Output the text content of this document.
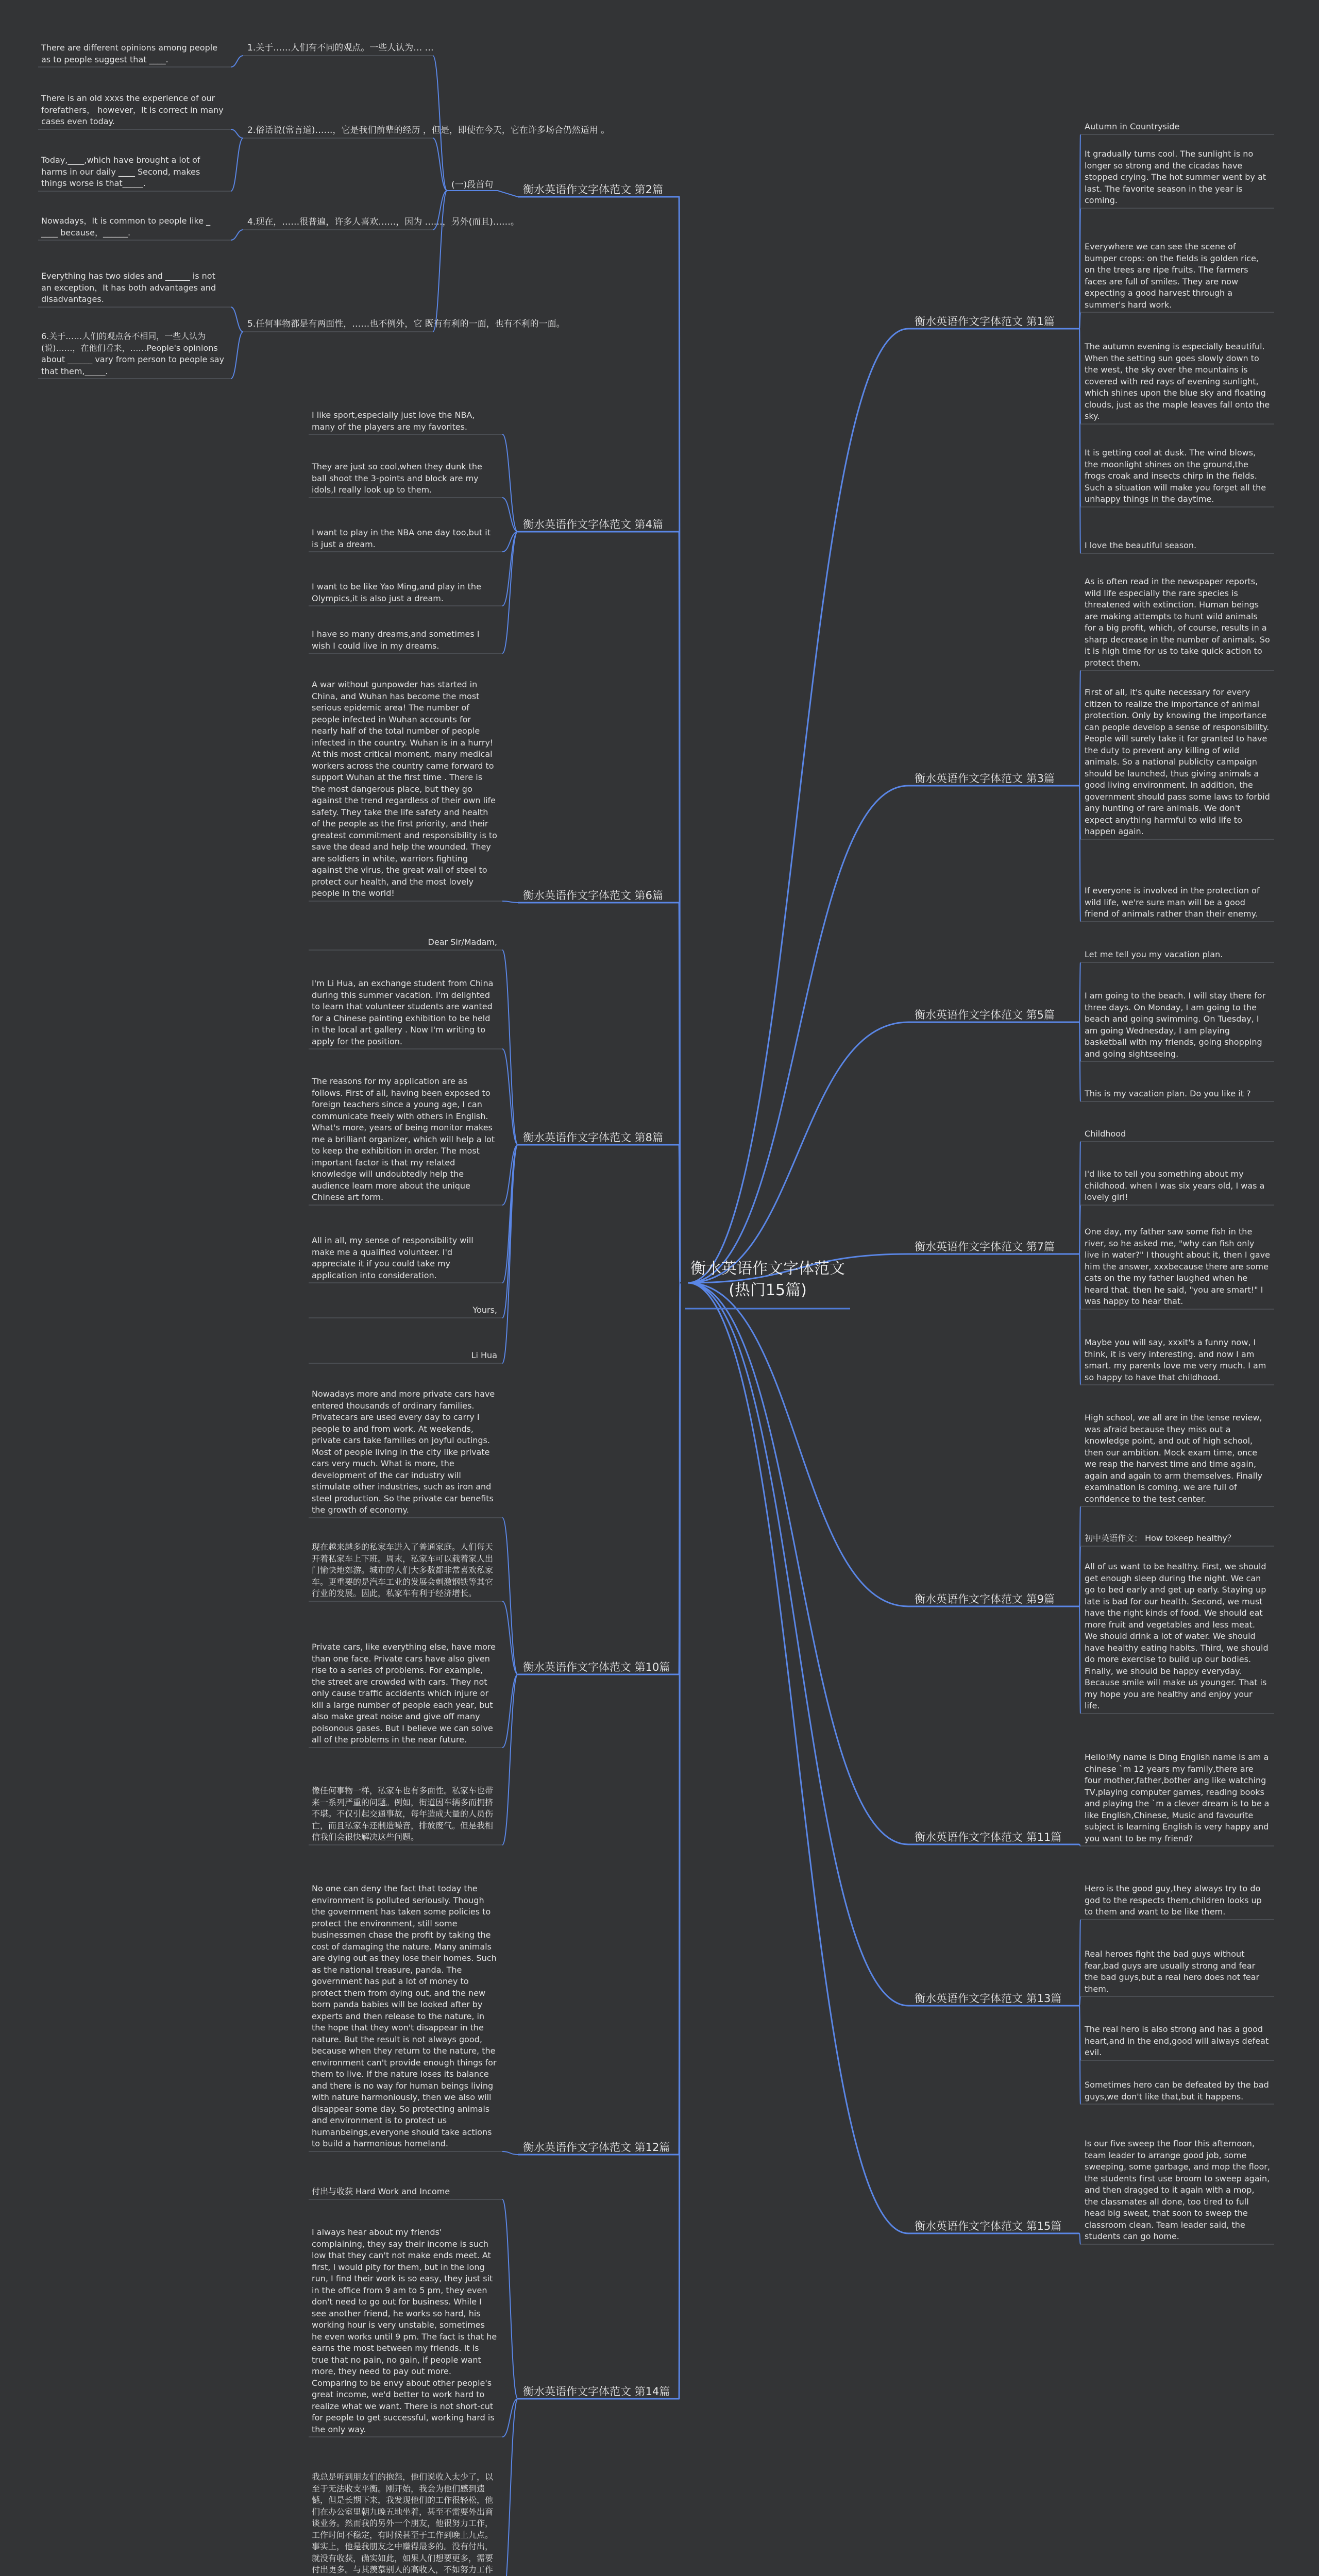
衡水英语作文字体范文(热门15篇)
衡水英语作文字体范文 第1篇
Autumn in Countryside
It gradually turns cool. The sunlight is no longer so strong and the cicadas have stopped crying. The hot summer went by at last. The favorite season in the year is coming.
Everywhere we can see the scene of bumper crops: on the fields is golden rice, on the trees are ripe fruits. The farmers faces are full of smiles. They are now expecting a good harvest through a summer's hard work.
The autumn evening is especially beautiful. When the setting sun goes slowly down to the west, the sky over the mountains is covered with red rays of evening sunlight, which shines upon the blue sky and floating clouds, just as the maple leaves fall onto the sky.
It is getting cool at dusk. The wind blows, the moonlight shines on the ground,the frogs croak and insects chirp in the fields. Such a situation will make you forget all the unhappy things in the daytime.
I love the beautiful season.
衡水英语作文字体范文 第3篇
As is often read in the newspaper reports, wild life especially the rare species is threatened with extinction. Human beings are making attempts to hunt wild animals for a big profit, which, of course, results in a sharp decrease in the number of animals. So it is high time for us to take quick action to protect them.
First of all, it's quite necessary for every citizen to realize the importance of animal protection. Only by knowing the importance can people develop a sense of responsibility. People will surely take it for granted to have the duty to prevent any killing of wild animals. So a national publicity campaign should be launched, thus giving animals a good living environment. In addition, the government should pass some laws to forbid any hunting of rare animals. We don't expect anything harmful to wild life to happen again.
If everyone is involved in the protection of wild life, we're sure man will be a good friend of animals rather than their enemy.
衡水英语作文字体范文 第5篇
Let me tell you my vacation plan.
I am going to the beach. I will stay there for three days. On Monday, I am going to the beach and going swimming. On Tuesday, I am going Wednesday, I am playing basketball with my friends, going shopping and going sightseeing.
This is my vacation plan. Do you like it ?
衡水英语作文字体范文 第7篇
Childhood
I'd like to tell you something about my childhood. when I was six years old, I was a lovely girl!
One day, my father saw some fish in the river, so he asked me, "why can fish only live in water?" I thought about it, then I gave him the answer, xxxbecause there are some cats on the my father laughed when he heard that. then he said, "you are smart!" I was happy to hear that.
Maybe you will say, xxxit's a funny now, I think, it is very interesting. and now I am smart. my parents love me very much. I am so happy to have that childhood.
衡水英语作文字体范文 第9篇
High school, we all are in the tense review, was afraid because they miss out a knowledge point, and out of high school, then our ambition. Mock exam time, once we reap the harvest time and time again, again and again to arm themselves. Finally examination is coming, we are full of confidence to the test center.
初中英语作文： How tokeep healthy？
All of us want to be healthy. First, we should get enough sleep during the night. We can go to bed early and get up early. Staying up late is bad for our health. Second, we must have the right kinds of food. We should eat more fruit and vegetables and less meat. We should drink a lot of water. We should have healthy eating habits. Third, we should do more exercise to build up our bodies. Finally, we should be happy everyday. Because smile will make us younger. That is my hope you are healthy and enjoy your life.
衡水英语作文字体范文 第11篇
Hello!My name is Ding English name is am a chinese `m 12 years my family,there are four mother,father,bother ang like watching TV,playing computer games, reading books and playing the `m a clever dream is to be a like English,Chinese, Music and favourite subject is learning English is very happy and you want to be my friend?
衡水英语作文字体范文 第13篇
Hero is the good guy,they always try to do god to the respects them,children looks up to them and want to be like them.
Real heroes fight the bad guys without fear,bad guys are usually strong and fear the bad guys,but a real hero does not fear them.
The real hero is also strong and has a good heart,and in the end,good will always defeat evil.
Sometimes hero can be defeated by the bad guys,we don't like that,but it happens.
衡水英语作文字体范文 第15篇
Is our five sweep the floor this afternoon, team leader to arrange good job, some sweeping, some garbage, and mop the floor, the students first use broom to sweep again, and then dragged to it again with a mop, the classmates all done, too tired to full head big sweat, that soon to sweep the classroom clean. Team leader said, the students can go home.
衡水英语作文字体范文 第2篇
(一)段首句
1.关于……人们有不同的观点。一些人认为… …
There are different opinions among people as to people suggest that ____.
2.俗话说(常言道)……，它是我们前辈的经历 ，但是，即使在今天，它在许多场合仍然适用 。
There is an old xxxs the experience of our forefathers， however，It is correct in many cases even today.
Today,____,which have brought a lot of harms in our daily ____ Second, makes things worse is that_____.
4.现在，……很普遍，许多人喜欢……，因为 ……，另外(而且)……。
Nowadays，It is common to people like _ ____ because，______.
5.任何事物都是有两面性，……也不例外，它 既有有利的一面，也有不利的一面。
Everything has two sides and ______ is not an exception，It has both advantages and disadvantages.
6.关于……人们的观点各不相同，一些人认为
(说)……，在他们看来，……People's opinions about ______ vary from person to people say that them,_____.
衡水英语作文字体范文 第4篇
I like sport,especially just love the NBA, many of the players are my favorites.
They are just so cool,when they dunk the ball shoot the 3-points and block are my idols,I really look up to them.
I want to play in the NBA one day too,but it is just a dream.
I want to be like Yao Ming,and play in the Olympics,it is also just a dream.
I have so many dreams,and sometimes I wish I could live in my dreams.
衡水英语作文字体范文 第6篇
A war without gunpowder has started in China, and Wuhan has become the most serious epidemic area! The number of people infected in Wuhan accounts for nearly half of the total number of people infected in the country. Wuhan is in a hurry! At this most critical moment, many medical workers across the country came forward to support Wuhan at the first time . There is the most dangerous place, but they go against the trend regardless of their own life safety. They take the life safety and health of the people as the first priority, and their greatest commitment and responsibility is to save the dead and help the wounded. They are soldiers in white, warriors fighting against the virus, the great wall of steel to protect our health, and the most lovely people in the world!
衡水英语作文字体范文 第8篇
Dear Sir/Madam,
I'm Li Hua, an exchange student from China during this summer vacation. I'm delighted to learn that volunteer students are wanted for a Chinese painting exhibition to be held in the local art gallery . Now I'm writing to apply for the position.
The reasons for my application are as follows. First of all, having been exposed to foreign teachers since a young age, I can communicate freely with others in English. What's more, years of being monitor makes me a brilliant organizer, which will help a lot to keep the exhibition in order. The most important factor is that my related knowledge will undoubtedly help the audience learn more about the unique Chinese art form.
All in all, my sense of responsibility will make me a qualified volunteer. I'd appreciate it if you could take my application into consideration.
Yours,
Li Hua
衡水英语作文字体范文 第10篇
Nowadays more and more private cars have entered thousands of ordinary families. Privatecars are used every day to carry I people to and from work. At weekends, private cars take families on joyful outings. Most of people living in the city like private cars very much. What is more, the development of the car industry will stimulate other industries, such as iron and steel production. So the private car benefits the growth of economy.
现在越来越多的私家车进入了普通家庭。人们每天开着私家车上下班。周末，私家车可以载着家人出门愉快地郊游。城市的人们大多数都非常喜欢私家车。更重要的是汽车工业的发展会刺激钢铁等其它行业的发展。因此，私家车有利于经济增长。
Private cars, like everything else, have more than one face. Private cars have also given rise to a series of problems. For example, the street are crowded with cars. They not only cause traffic accidents which injure or kill a large number of people each year, but also make great noise and give off many poisonous gases. But I believe we can solve all of the problems in the near future.
像任何事物一样，私家车也有多面性。私家车也带来一系列严重的问题。例如，街道因车辆多而拥挤不堪。不仅引起交通事故，每年造成大量的人员伤亡，而且私家车还制造噪音，排放废气。但是我相信我们会很快解决这些问题。
衡水英语作文字体范文 第12篇
No one can deny the fact that today the environment is polluted seriously. Though the government has taken some policies to protect the environment, still some businessmen chase the profit by taking the cost of damaging the nature. Many animals are dying out as they lose their homes. Such as the national treasure, panda. The government has put a lot of money to protect them from dying out, and the new born panda babies will be looked after by experts and then release to the nature, in the hope that they won't disappear in the nature. But the result is not always good, because when they return to the nature, the environment can't provide enough things for them to live. If the nature loses its balance and there is no way for human beings living with nature harmoniously, then we also will disappear some day. So protecting animals and environment is to protect us humanbeings,everyone should take actions to build a harmonious homeland.
衡水英语作文字体范文 第14篇
付出与收获 Hard Work and Income
I always hear about my friends' complaining, they say their income is such low that they can't not make ends meet. At first, I would pity for them, but in the long run, I find their work is so easy, they just sit in the office from 9 am to 5 pm, they even don't need to go out for business. While I see another friend, he works so hard, his working hour is very unstable, sometimes he even works until 9 pm. The fact is that he earns the most between my friends. It is true that no pain, no gain, if people want more, they need to pay out more. Comparing to be envy about other people's great income, we'd better to work hard to realize what we want. There is not short-cut for people to get successful, working hard is the only way.
我总是听到朋友们的抱怨，他们说收入太少了，以至于无法收支平衡。刚开始，我会为他们感到遗憾，但是长期下来，我发现他们的工作很轻松，他们在办公室里朝九晚五地坐着，甚至不需要外出商谈业务。然而我的另外一个朋友，他很努力工作，工作时间不稳定，有时候甚至于工作到晚上九点。事实上，他是我朋友之中赚得最多的。没有付出，就没有收获，确实如此，如果人们想要更多，需要付出更多。与其羡慕别人的高收入，不如努力工作
